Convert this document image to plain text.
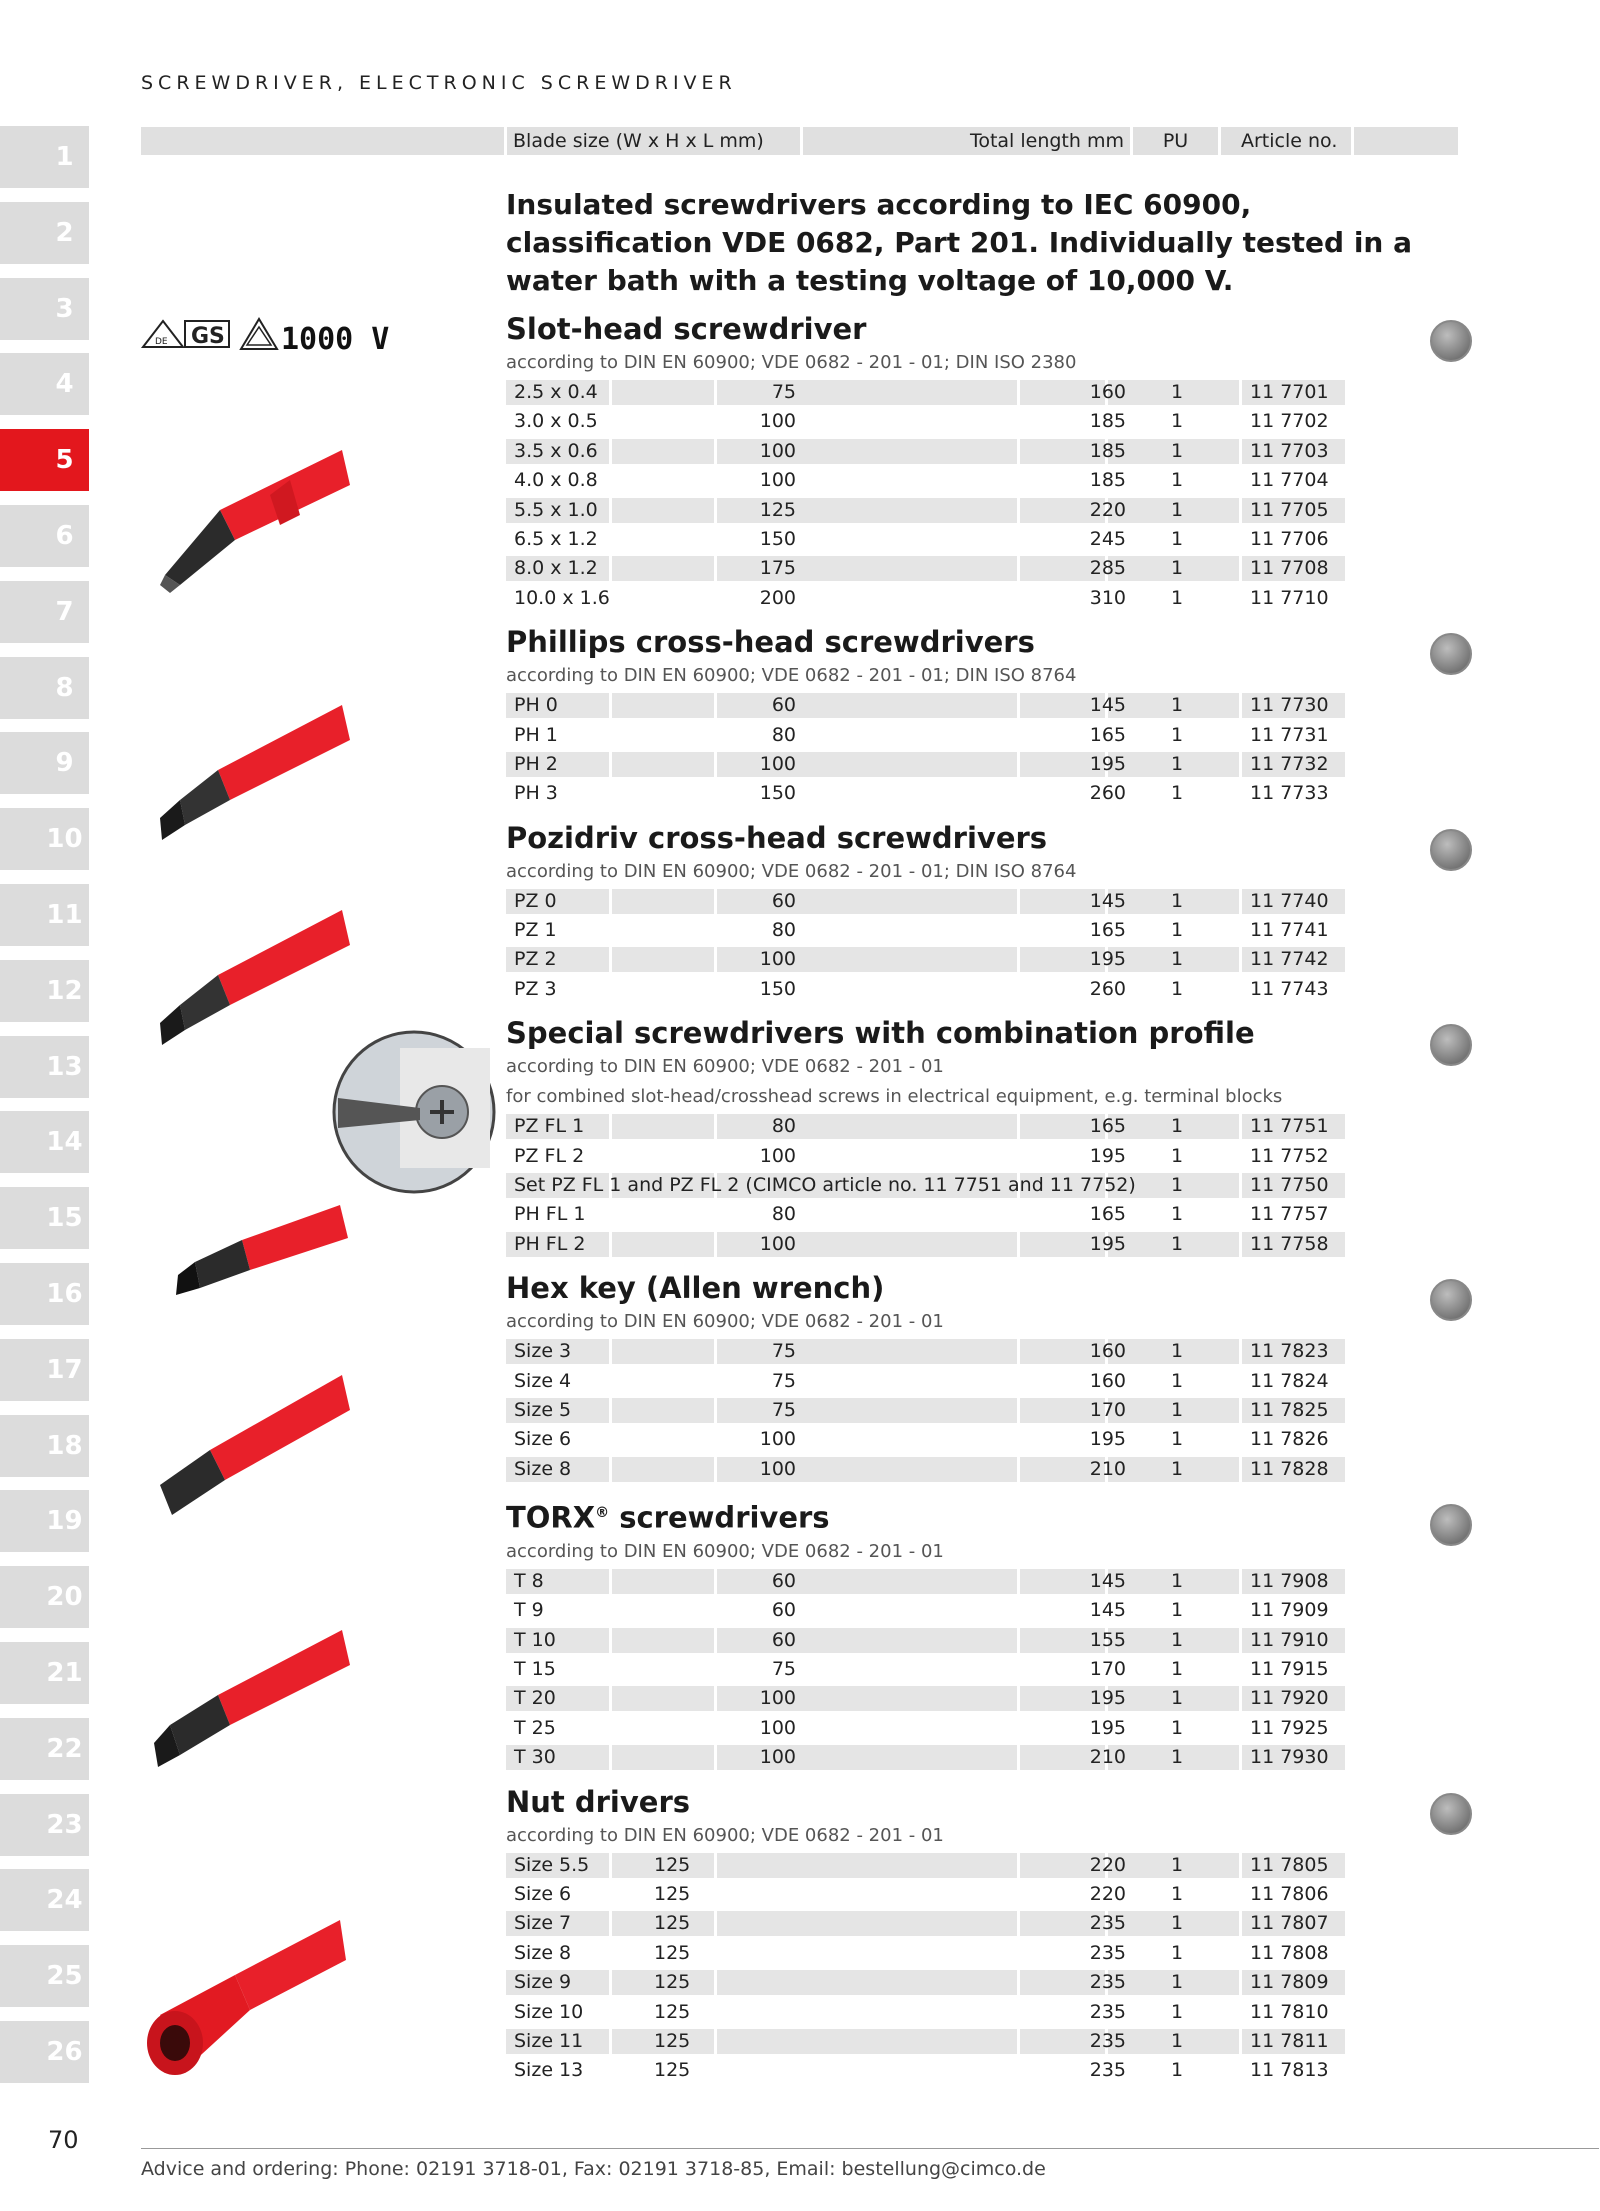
SCREWDRIVER, ELECTRONIC SCREWDRIVER
Blade size (W x H x L mm)	Total length mm	PU	Article no.
1
2
3
4
5
6
7
8
9
10
11
12
13
14
15
16
17
18
19
20
21
22
23
24
25
26
DE GS 1000 V
Insulated screwdrivers according to IEC 60900, classification VDE 0682, Part 201. Individually tested in a water bath with a testing voltage of 10,000 V.
Slot-head screwdriver
according to DIN EN 60900; VDE 0682 - 201 - 01; DIN ISO 2380
2.5 x 0.4	75	160 1	11 7701
3.0 x 0.5	100	185 1	11 7702
3.5 x 0.6	100	185 1	11 7703
4.0 x 0.8	100	185 1	11 7704
5.5 x 1.0	125	220 1	11 7705
6.5 x 1.2	150	245 1	11 7706
8.0 x 1.2	175	285 1	11 7708
10.0 x 1.6	200	310 1	11 7710
Phillips cross-head screwdrivers
according to DIN EN 60900; VDE 0682 - 201 - 01; DIN ISO 8764
PH 0	60	145 1	11 7730
PH 1	80	165 1	11 7731
PH 2	100	195 1	11 7732
PH 3	150	260 1	11 7733
Pozidriv cross-head screwdrivers
according to DIN EN 60900; VDE 0682 - 201 - 01; DIN ISO 8764
PZ 0	60	145 1	11 7740
PZ 1	80	165 1	11 7741
PZ 2	100	195 1	11 7742
PZ 3	150	260 1	11 7743
Special screwdrivers with combination profile
according to DIN EN 60900; VDE 0682 - 201 - 01
for combined slot-head/crosshead screws in electrical equipment, e.g. terminal blocks
PZ FL 1	80	165 1	11 7751
PZ FL 2	100	195 1	11 7752
Set PZ FL 1 and PZ FL 2 (CIMCO article no. 11 7751 and 11 7752) 1	11 7750
PH FL 1	80	165 1	11 7757
PH FL 2	100	195 1	11 7758
Hex key (Allen wrench)
according to DIN EN 60900; VDE 0682 - 201 - 01
Size 3	75	160 1	11 7823
Size 4	75	160 1	11 7824
Size 5	75	170 1	11 7825
Size 6	100	195 1	11 7826
Size 8	100	210 1	11 7828
TORX® screwdrivers
according to DIN EN 60900; VDE 0682 - 201 - 01
T 8	60	145 1	11 7908
T 9	60	145 1	11 7909
T 10	60	155 1	11 7910
T 15	75	170 1	11 7915
T 20	100	195 1	11 7920
T 25	100	195 1	11 7925
T 30	100	210 1	11 7930
Nut drivers
according to DIN EN 60900; VDE 0682 - 201 - 01
Size 5.5	125	220 1	11 7805
Size 6	125	220 1	11 7806
Size 7	125	235 1	11 7807
Size 8	125	235 1	11 7808
Size 9	125	235 1	11 7809
Size 10	125	235 1	11 7810
Size 11	125	235 1	11 7811
Size 13	125	235 1	11 7813
70
Advice and ordering: Phone: 02191 3718-01, Fax: 02191 3718-85, Email: bestellung@cimco.de
